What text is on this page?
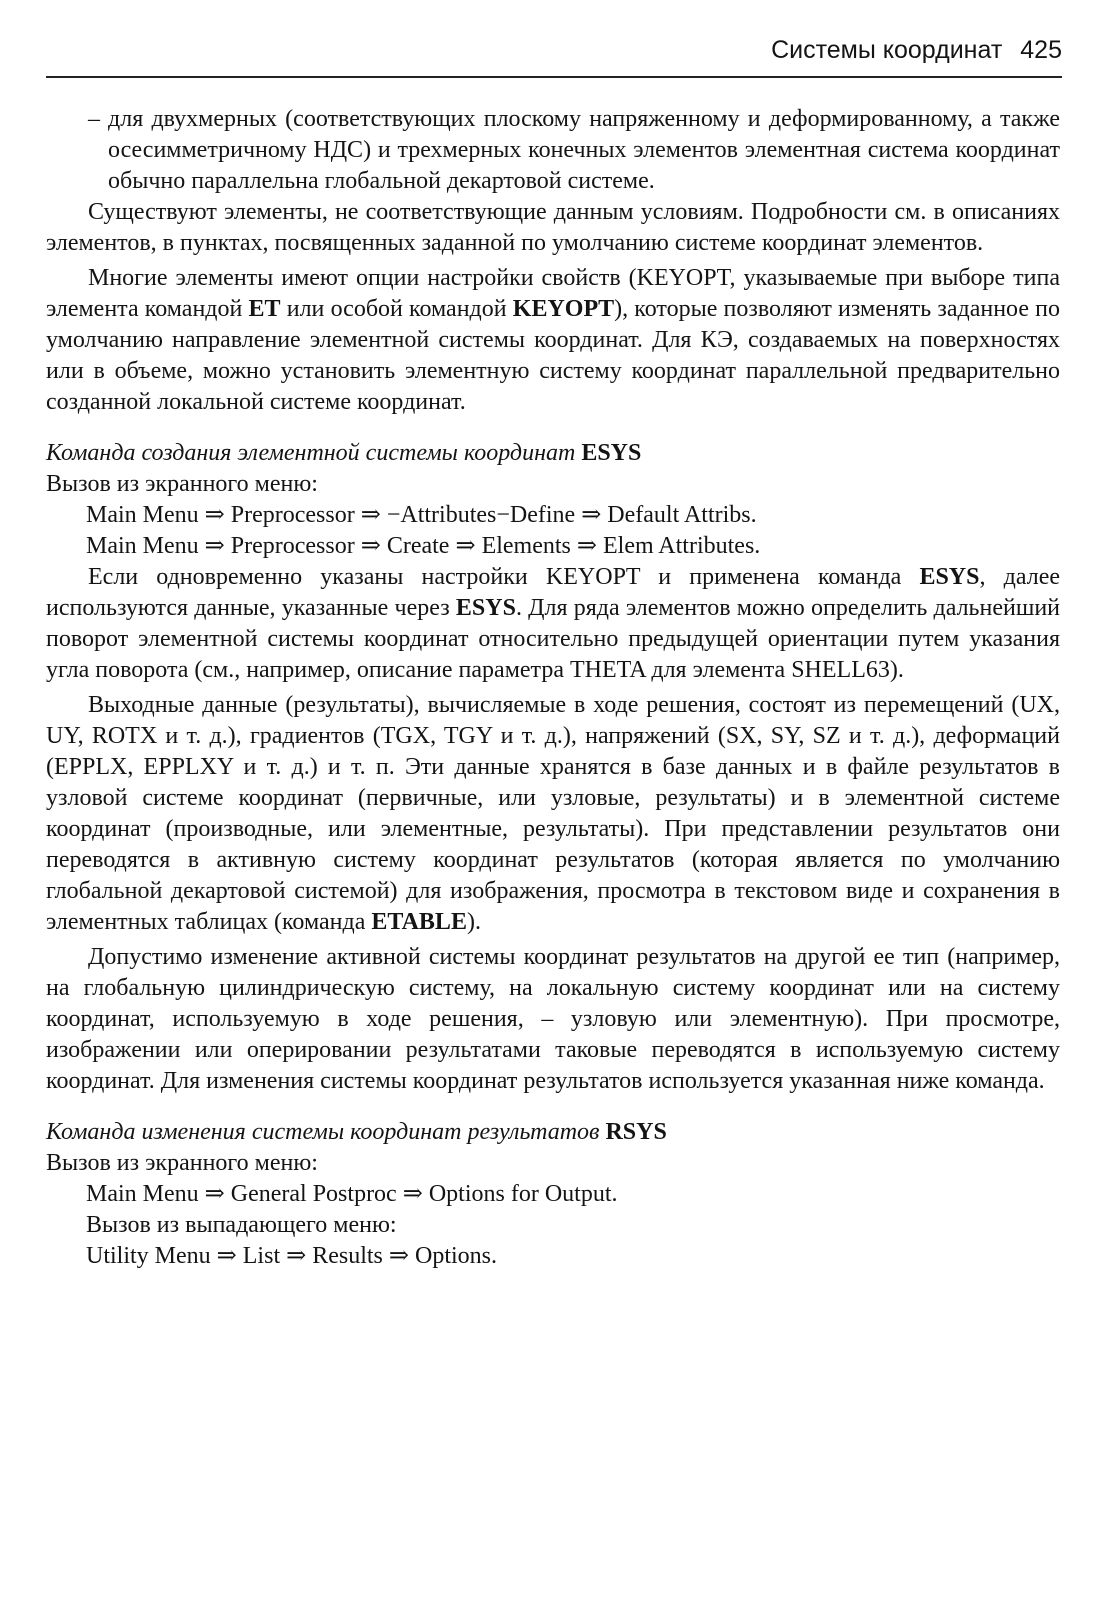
Системы координат 425

– для двухмерных (соответствующих плоскому напряженному и деформированному, а также осесимметричному НДС) и трехмерных конечных элементов элементная система координат обычно параллельна глобальной декартовой системе.

Существуют элементы, не соответствующие данным условиям. Подробности см. в описаниях элементов, в пунктах, посвященных заданной по умолчанию системе координат элементов.

Многие элементы имеют опции настройки свойств (KEYOPT, указываемые при выборе типа элемента командой ET или особой командой KEYOPT), которые позволяют изменять заданное по умолчанию направление элементной системы координат. Для КЭ, создаваемых на поверхностях или в объеме, можно установить элементную систему координат параллельной предварительно созданной локальной системе координат.

Команда создания элементной системы координат ESYS

Вызов из экранного меню:

Main Menu ⇒ Preprocessor ⇒ −Attributes−Define ⇒ Default Attribs.

Main Menu ⇒ Preprocessor ⇒ Create ⇒ Elements ⇒ Elem Attributes.

Если одновременно указаны настройки KEYOPT и применена команда ESYS, далее используются данные, указанные через ESYS. Для ряда элементов можно определить дальнейший поворот элементной системы координат относительно предыдущей ориентации путем указания угла поворота (см., например, описание параметра THETA для элемента SHELL63).

Выходные данные (результаты), вычисляемые в ходе решения, состоят из перемещений (UX, UY, ROTX и т. д.), градиентов (TGX, TGY и т. д.), напряжений (SX, SY, SZ и т. д.), деформаций (EPPLX, EPPLXY и т. д.) и т. п. Эти данные хранятся в базе данных и в файле результатов в узловой системе координат (первичные, или узловые, результаты) и в элементной системе координат (производные, или элементные, результаты). При представлении результатов они переводятся в активную систему координат результатов (которая является по умолчанию глобальной декартовой системой) для изображения, просмотра в текстовом виде и сохранения в элементных таблицах (команда ETABLE).

Допустимо изменение активной системы координат результатов на другой ее тип (например, на глобальную цилиндрическую систему, на локальную систему координат или на систему координат, используемую в ходе решения, – узловую или элементную). При просмотре, изображении или оперировании результатами таковые переводятся в используемую систему координат. Для изменения системы координат результатов используется указанная ниже команда.

Команда изменения системы координат результатов RSYS

Вызов из экранного меню:

Main Menu ⇒ General Postproc ⇒ Options for Output.

Вызов из выпадающего меню:

Utility Menu ⇒ List ⇒ Results ⇒ Options.
